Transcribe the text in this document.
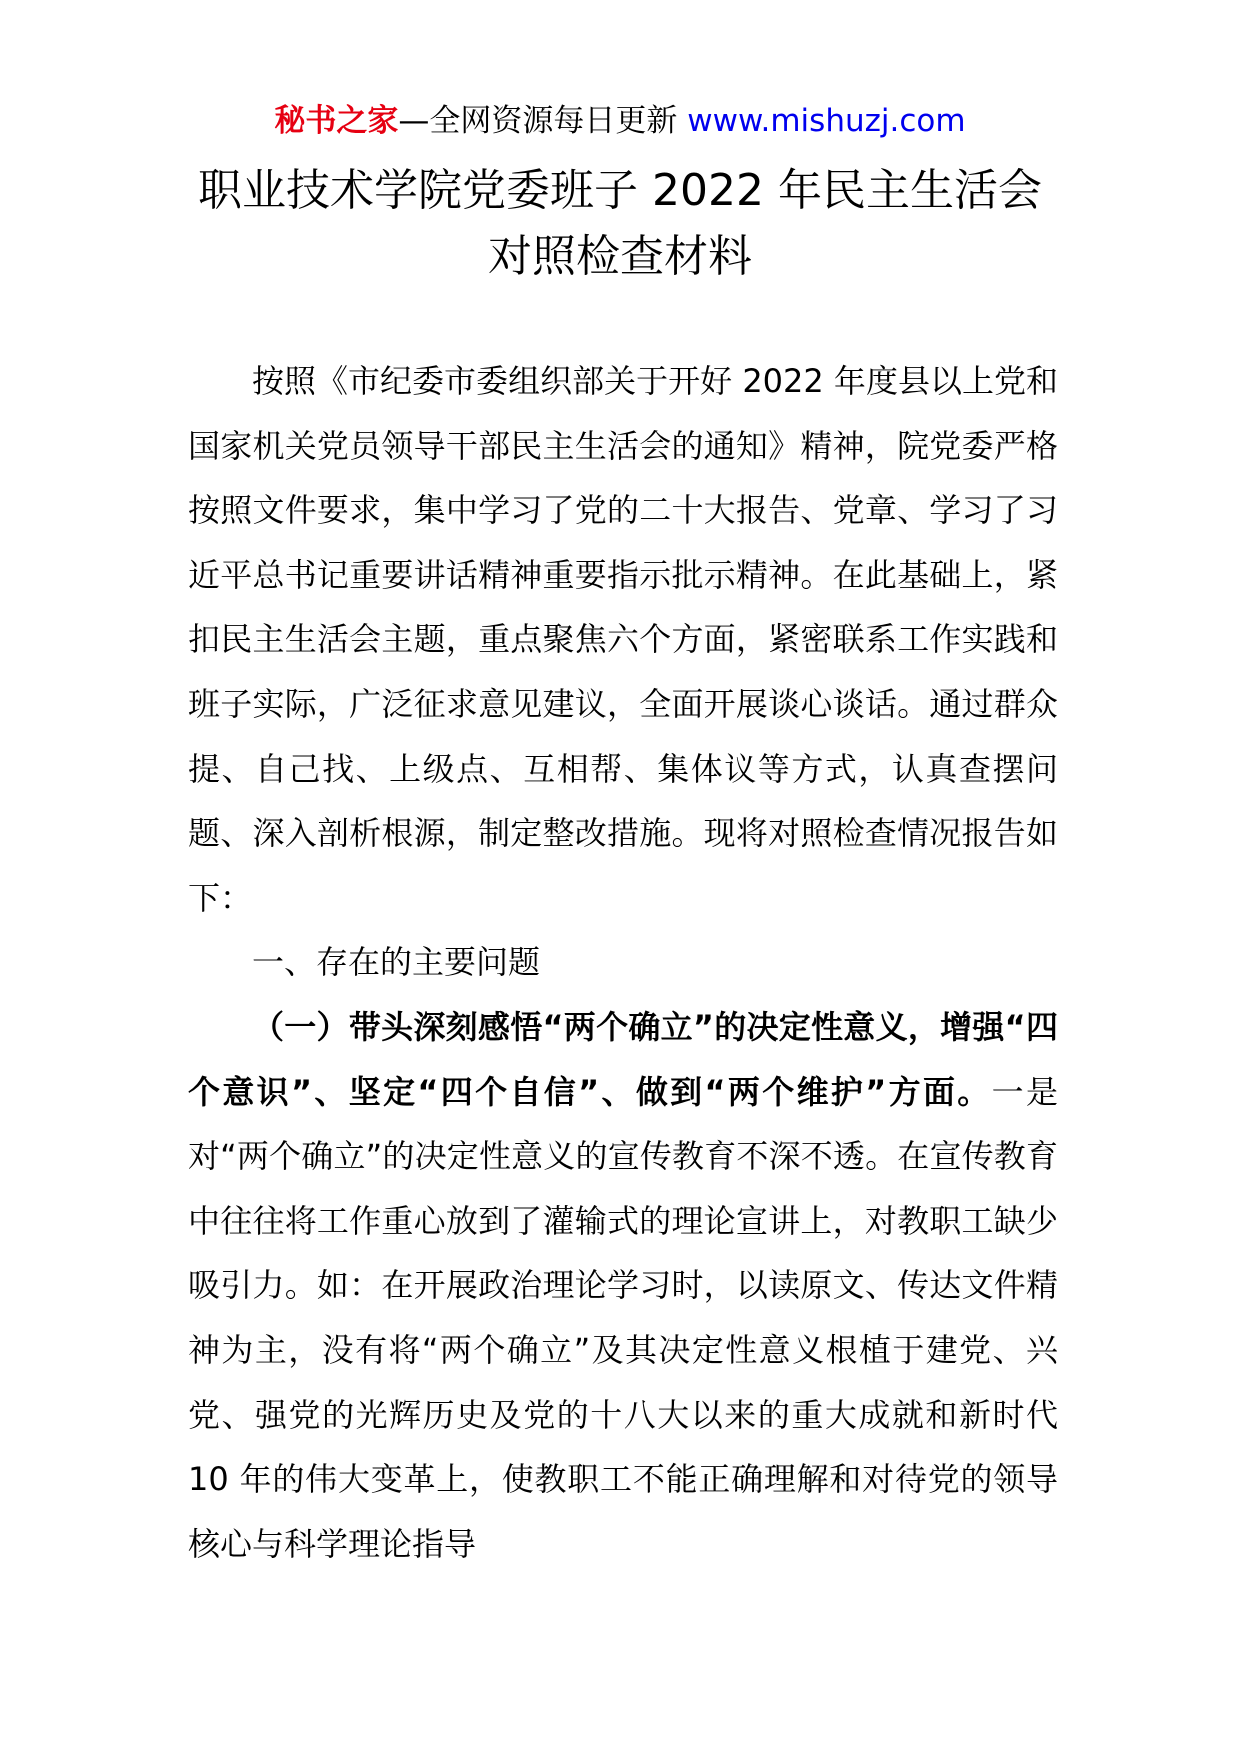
秘书之家—全网资源每日更新 www.mishuzj.com
职业技术学院党委班子 2022 年民主生活会
对照检查材料

按照《市纪委市委组织部关于开好 2022 年度县以上党和国家机关党员领导干部民主生活会的通知》精神，院党委严格按照文件要求，集中学习了党的二十大报告、党章、学习了习近平总书记重要讲话精神重要指示批示精神。在此基础上，紧扣民主生活会主题，重点聚焦六个方面，紧密联系工作实践和班子实际，广泛征求意见建议，全面开展谈心谈话。通过群众提、自己找、上级点、互相帮、集体议等方式，认真查摆问题、深入剖析根源，制定整改措施。现将对照检查情况报告如下：

一、存在的主要问题

（一）带头深刻感悟“两个确立”的决定性意义，增强“四个意识”、坚定“四个自信”、做到“两个维护”方面。一是对“两个确立”的决定性意义的宣传教育不深不透。在宣传教育中往往将工作重心放到了灌输式的理论宣讲上，对教职工缺少吸引力。如：在开展政治理论学习时，以读原文、传达文件精神为主，没有将“两个确立”及其决定性意义根植于建党、兴党、强党的光辉历史及党的十八大以来的重大成就和新时代 10 年的伟大变革上，使教职工不能正确理解和对待党的领导核心与科学理论指导
